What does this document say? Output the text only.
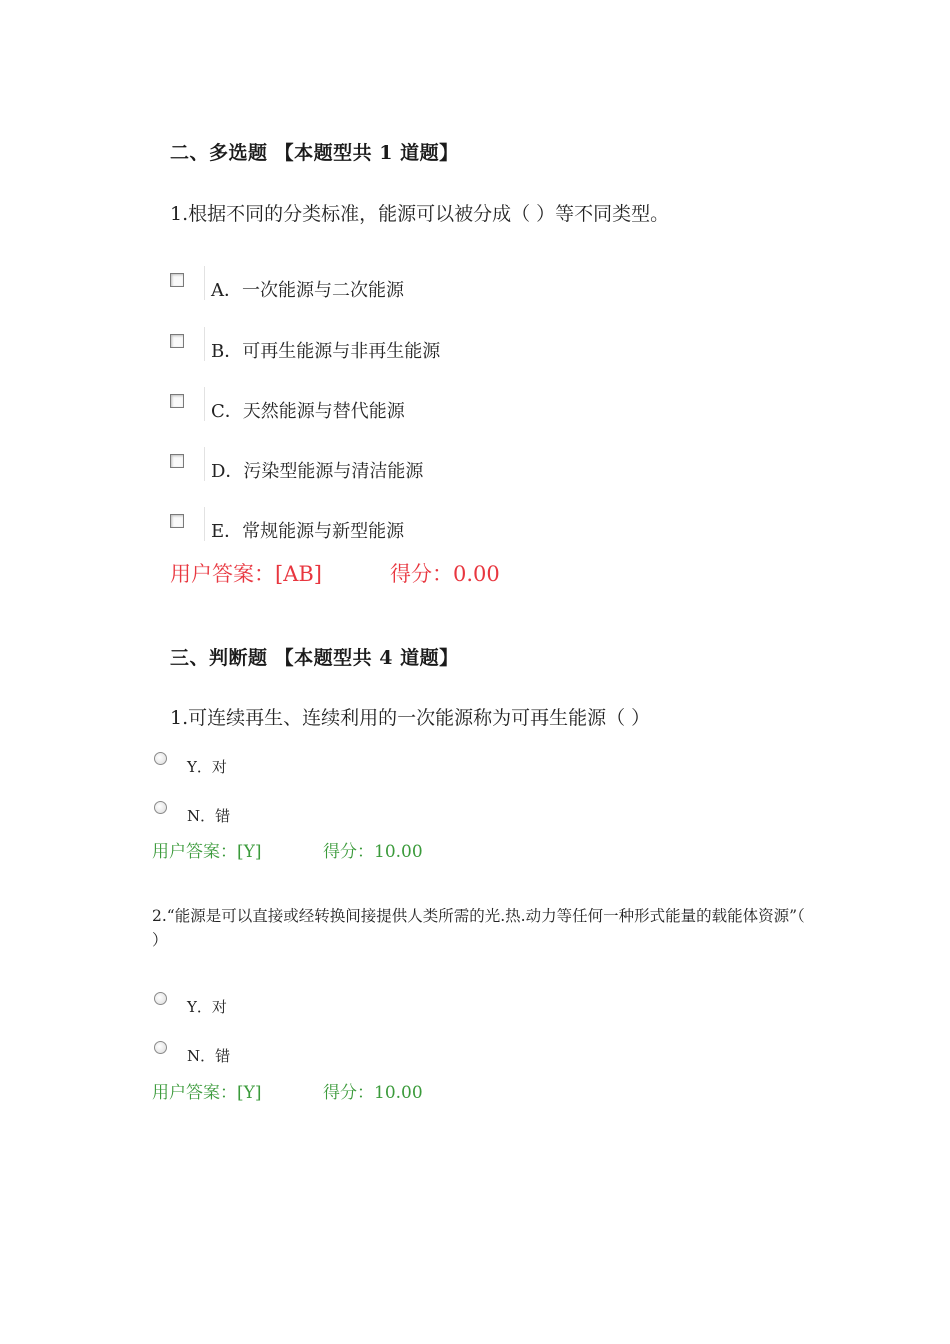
二、多选题 【本题型共 1 道题】
1.根据不同的分类标准，能源可以被分成（ ）等不同类型。
A．一次能源与二次能源
B．可再生能源与非再生能源
C．天然能源与替代能源
D．污染型能源与清洁能源
E．常规能源与新型能源
用户答案：[AB]	得分：0.00
三、判断题 【本题型共 4 道题】
1.可连续再生、连续利用的一次能源称为可再生能源（ ）
Y．对
N．错
用户答案：[Y]	得分：10.00
2.“能源是可以直接或经转换间接提供人类所需的光.热.动力等任何一种形式能量的载能体资源”（ ）
Y．对
N．错
用户答案：[Y]	得分：10.00
